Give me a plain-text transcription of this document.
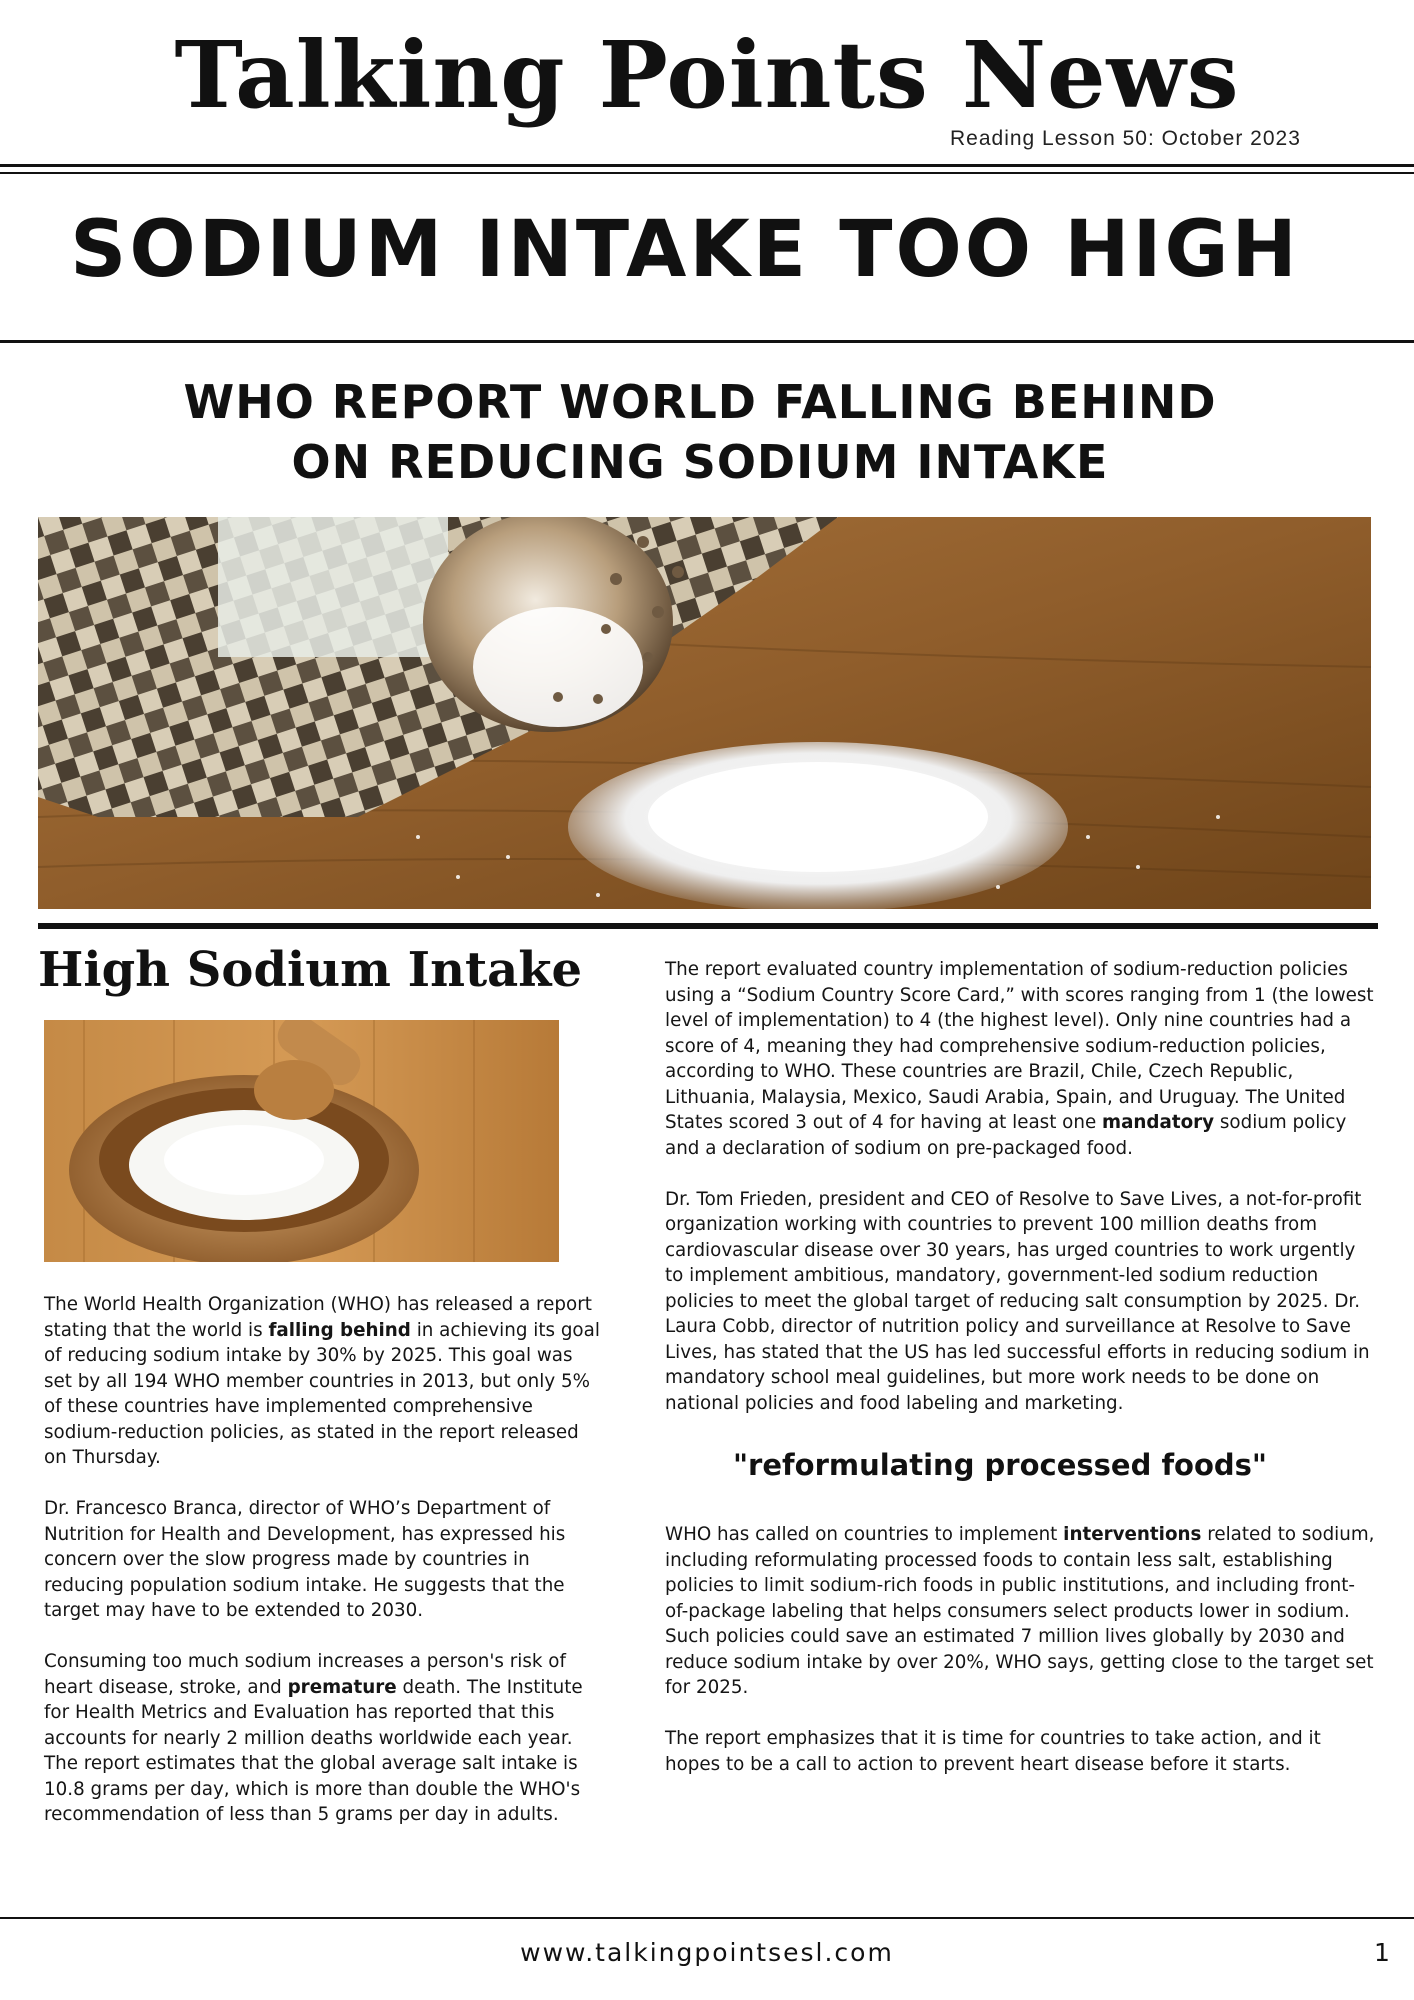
Talking Points News
Reading Lesson 50: October 2023
SODIUM INTAKE TOO HIGH
WHO REPORT WORLD FALLING BEHIND ON REDUCING SODIUM INTAKE
High Sodium Intake

The World Health Organization (WHO) has released a report stating that the world is falling behind in achieving its goal of reducing sodium intake by 30% by 2025. This goal was set by all 194 WHO member countries in 2013, but only 5% of these countries have implemented comprehensive sodium-reduction policies, as stated in the report released on Thursday.

Dr. Francesco Branca, director of WHO’s Department of Nutrition for Health and Development, has expressed his concern over the slow progress made by countries in reducing population sodium intake. He suggests that the target may have to be extended to 2030.

Consuming too much sodium increases a person's risk of heart disease, stroke, and premature death. The Institute for Health Metrics and Evaluation has reported that this accounts for nearly 2 million deaths worldwide each year. The report estimates that the global average salt intake is 10.8 grams per day, which is more than double the WHO's recommendation of less than 5 grams per day in adults.

The report evaluated country implementation of sodium-reduction policies using a “Sodium Country Score Card,” with scores ranging from 1 (the lowest level of implementation) to 4 (the highest level). Only nine countries had a score of 4, meaning they had comprehensive sodium-reduction policies, according to WHO. These countries are Brazil, Chile, Czech Republic, Lithuania, Malaysia, Mexico, Saudi Arabia, Spain, and Uruguay. The United States scored 3 out of 4 for having at least one mandatory sodium policy and a declaration of sodium on pre-packaged food.

Dr. Tom Frieden, president and CEO of Resolve to Save Lives, a not-for-profit organization working with countries to prevent 100 million deaths from cardiovascular disease over 30 years, has urged countries to work urgently to implement ambitious, mandatory, government-led sodium reduction policies to meet the global target of reducing salt consumption by 2025. Dr. Laura Cobb, director of nutrition policy and surveillance at Resolve to Save Lives, has stated that the US has led successful efforts in reducing sodium in mandatory school meal guidelines, but more work needs to be done on national policies and food labeling and marketing.

"reformulating processed foods"

WHO has called on countries to implement interventions related to sodium, including reformulating processed foods to contain less salt, establishing policies to limit sodium-rich foods in public institutions, and including front-of-package labeling that helps consumers select products lower in sodium. Such policies could save an estimated 7 million lives globally by 2030 and reduce sodium intake by over 20%, WHO says, getting close to the target set for 2025.

The report emphasizes that it is time for countries to take action, and it hopes to be a call to action to prevent heart disease before it starts.

www.talkingpointsesl.com	1
